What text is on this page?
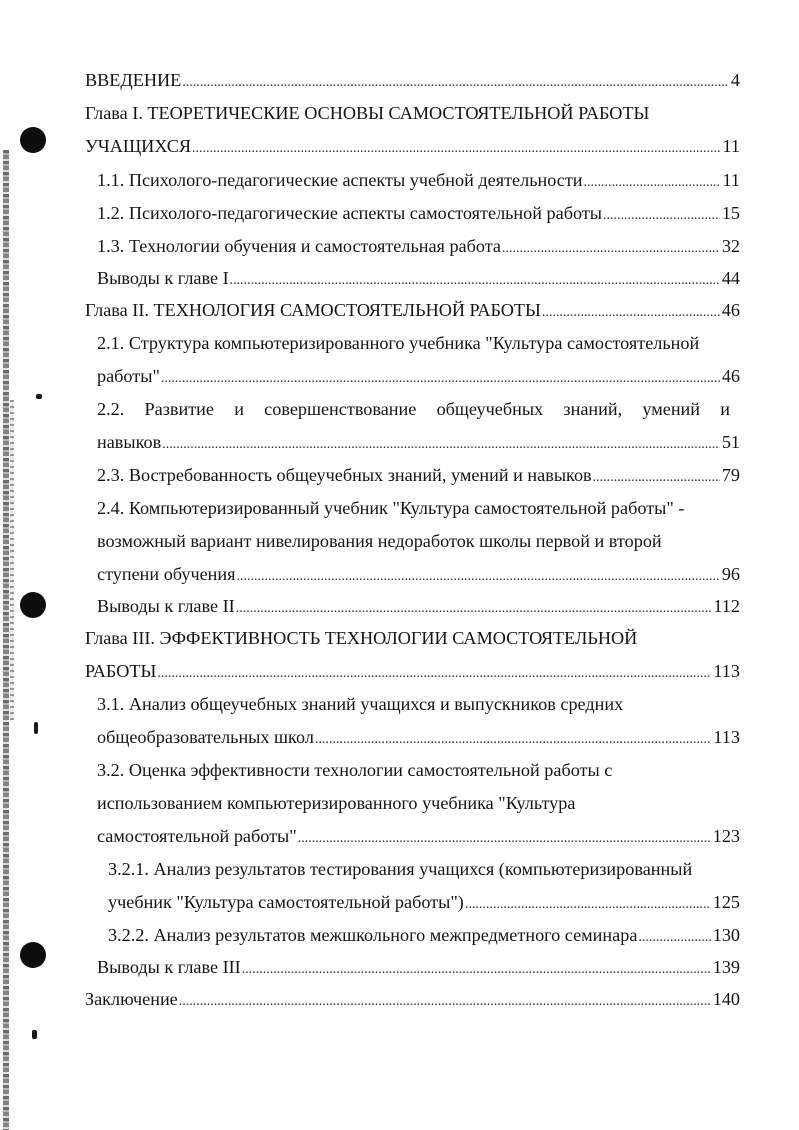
ВВЕДЕНИЕ .....	4
Глава I. ТЕОРЕТИЧЕСКИЕ ОСНОВЫ САМОСТОЯТЕЛЬНОЙ РАБОТЫ
УЧАЩИХСЯ .....	11
1.1. Психолого-педагогические аспекты учебной деятельности .....	11
1.2. Психолого-педагогические аспекты самостоятельной работы .....	15
1.3. Технологии обучения и самостоятельная работа .....	32
Выводы к главе I .....	44
Глава II. ТЕХНОЛОГИЯ САМОСТОЯТЕЛЬНОЙ РАБОТЫ .....	46
2.1. Структура компьютеризированного учебника "Культура самостоятельной
работы" .....	46
2.2. Развитие и совершенствование общеучебных знаний, умений и
навыков .....	51
2.3. Востребованность общеучебных знаний, умений и навыков .....	79
2.4. Компьютеризированный учебник "Культура самостоятельной работы" -
возможный вариант нивелирования недоработок школы первой и второй
ступени обучения .....	96
Выводы к главе II .....	112
Глава III. ЭФФЕКТИВНОСТЬ ТЕХНОЛОГИИ САМОСТОЯТЕЛЬНОЙ
РАБОТЫ .....	113
3.1. Анализ общеучебных знаний учащихся и выпускников средних
общеобразовательных школ .....	113
3.2. Оценка эффективности технологии самостоятельной работы с
использованием компьютеризированного учебника "Культура
самостоятельной работы" .....	123
3.2.1. Анализ результатов тестирования учащихся (компьютеризированный
учебник "Культура самостоятельной работы") .....	125
3.2.2. Анализ результатов межшкольного межпредметного семинара .....	130
Выводы к главе III .....	139
Заключение .....	140
